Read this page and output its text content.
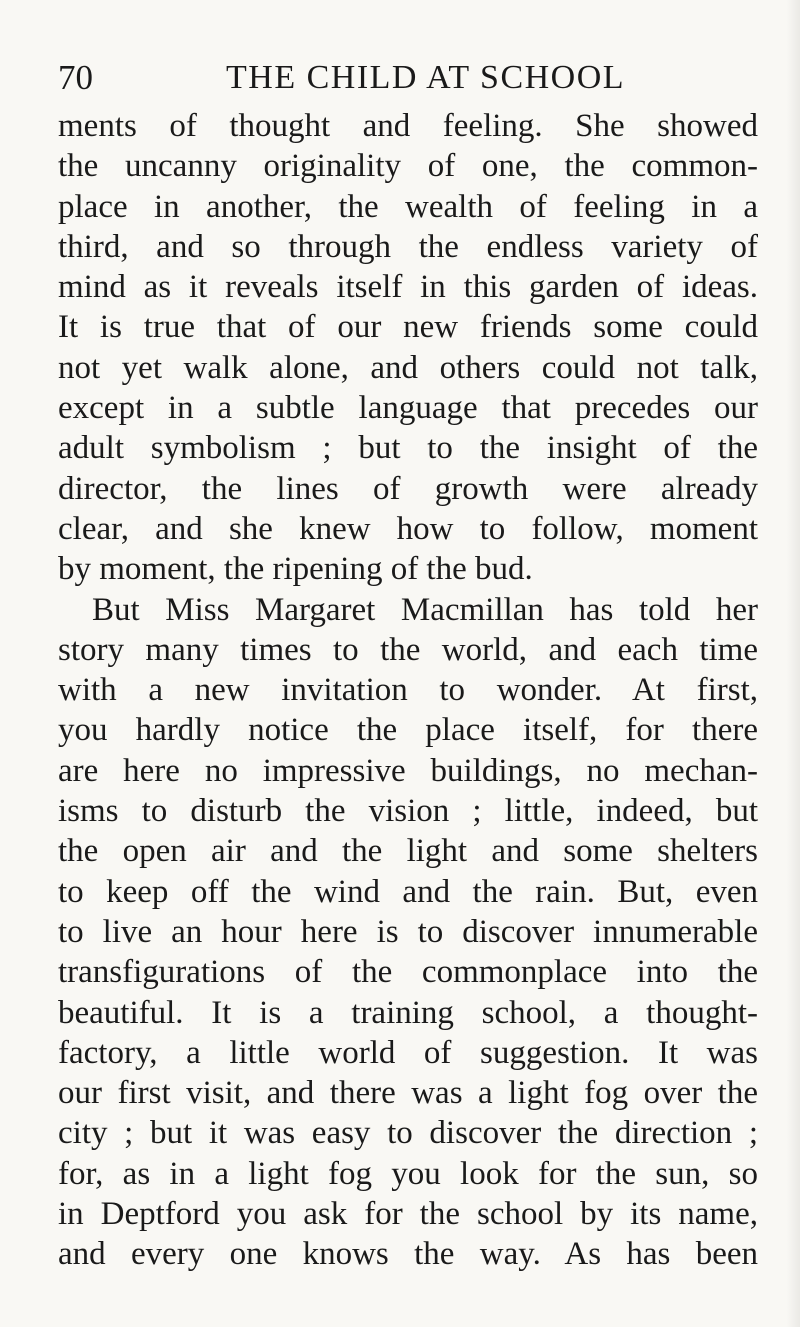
70	THE CHILD AT SCHOOL
ments of thought and feeling. She showed
the uncanny originality of one, the common-
place in another, the wealth of feeling in a
third, and so through the endless variety of
mind as it reveals itself in this garden of ideas.
It is true that of our new friends some could
not yet walk alone, and others could not talk,
except in a subtle language that precedes our
adult symbolism ; but to the insight of the
director, the lines of growth were already
clear, and she knew how to follow, moment
by moment, the ripening of the bud.
But Miss Margaret Macmillan has told her
story many times to the world, and each time
with a new invitation to wonder. At first,
you hardly notice the place itself, for there
are here no impressive buildings, no mechan-
isms to disturb the vision ; little, indeed, but
the open air and the light and some shelters
to keep off the wind and the rain. But, even
to live an hour here is to discover innumerable
transfigurations of the commonplace into the
beautiful. It is a training school, a thought-
factory, a little world of suggestion. It was
our first visit, and there was a light fog over the
city ; but it was easy to discover the direction ;
for, as in a light fog you look for the sun, so
in Deptford you ask for the school by its name,
and every one knows the way. As has been
